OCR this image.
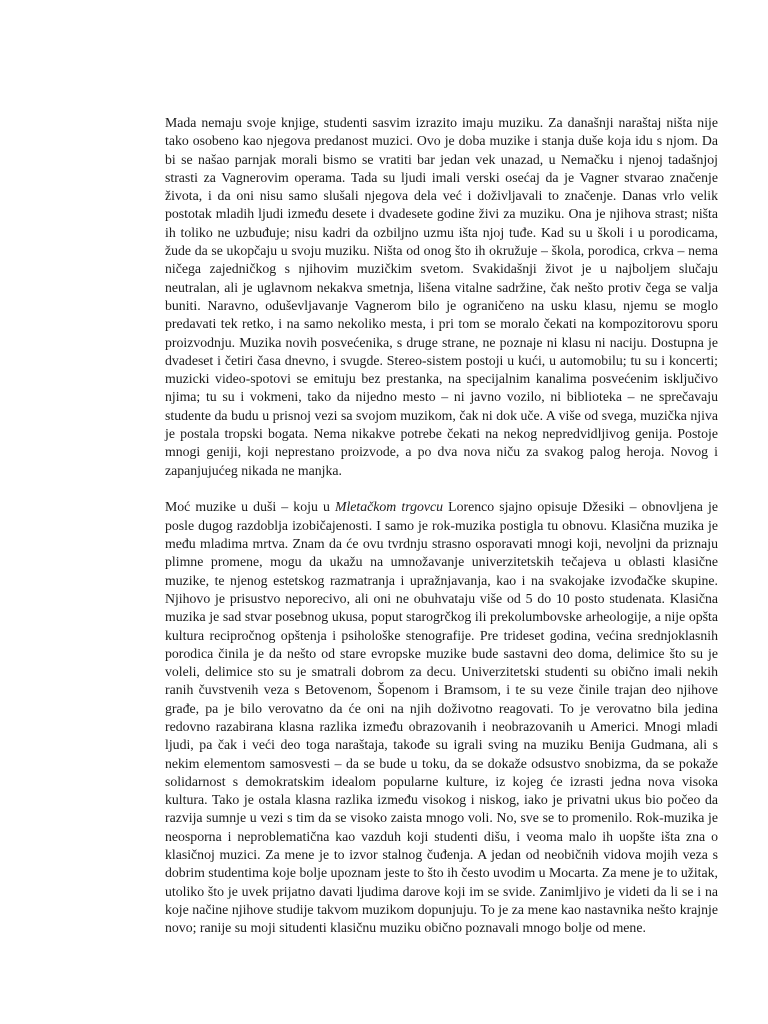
Mada nemaju svoje knjige, studenti sasvim izrazito imaju muziku. Za današnji naraštaj ništa nije tako osobeno kao njegova predanost muzici. Ovo je doba muzike i stanja duše koja idu s njom. Da bi se našao parnjak morali bismo se vratiti bar jedan vek unazad, u Nemačku i njenoj tadašnjoj strasti za Vagnerovim operama. Tada su ljudi imali verski osećaj da je Vagner stvarao značenje života, i da oni nisu samo slušali njegova dela već i doživljavali to značenje. Danas vrlo velik postotak mladih ljudi između desete i dvadesete godine živi za muziku. Ona je njihova strast; ništa ih toliko ne uzbuđuje; nisu kadri da ozbiljno uzmu išta njoj tuđe. Kad su u školi i u porodicama, žude da se ukopčaju u svoju muziku. Ništa od onog što ih okružuje – škola, porodica, crkva – nema ničega zajedničkog s njihovim muzičkim svetom. Svakidašnji život je u najboljem slučaju neutralan, ali je uglavnom nekakva smetnja, lišena vitalne sadržine, čak nešto protiv čega se valja buniti. Naravno, oduševljavanje Vagnerom bilo je ograničeno na usku klasu, njemu se moglo predavati tek retko, i na samo nekoliko mesta, i pri tom se moralo čekati na kompozitorovu sporu proizvodnju. Muzika novih posvećenika, s druge strane, ne poznaje ni klasu ni naciju. Dostupna je dvadeset i četiri časa dnevno, i svugde. Stereo-sistem postoji u kući, u automobilu; tu su i koncerti; muzicki video-spotovi se emituju bez prestanka, na specijalnim kanalima posvećenim isključivo njima; tu su i vokmeni, tako da nijedno mesto – ni javno vozilo, ni biblioteka – ne sprečavaju studente da budu u prisnoj vezi sa svojom muzikom, čak ni dok uče. A više od svega, muzička njiva je postala tropski bogata. Nema nikakve potrebe čekati na nekog nepredvidljivog genija. Postoje mnogi geniji, koji neprestano proizvode, a po dva nova niču za svakog palog heroja. Novog i zapanjujućeg nikada ne manjka.

Moć muzike u duši – koju u Mletačkom trgovcu Lorenco sjajno opisuje Džesiki – obnovljena je posle dugog razdoblja izobičajenosti. I samo je rok-muzika postigla tu obnovu. Klasična muzika je među mladima mrtva. Znam da će ovu tvrdnju strasno osporavati mnogi koji, nevoljni da priznaju plimne promene, mogu da ukažu na umnožavanje univerzitetskih tečajeva u oblasti klasične muzike, te njenog estetskog razmatranja i upražnjavanja, kao i na svakojake izvođačke skupine. Njihovo je prisustvo neporecivo, ali oni ne obuhvataju više od 5 do 10 posto studenata. Klasična muzika je sad stvar posebnog ukusa, poput starogrčkog ili prekolumbovske arheologije, a nije opšta kultura recipročnog opštenja i psihološke stenografije. Pre trideset godina, većina srednjoklasnih porodica činila je da nešto od stare evropske muzike bude sastavni deo doma, delimice što su je voleli, delimice sto su je smatrali dobrom za decu. Univerzitetski studenti su obično imali nekih ranih čuvstvenih veza s Betovenom, Šopenom i Bramsom, i te su veze činile trajan deo njihove građe, pa je bilo verovatno da će oni na njih doživotno reagovati. To je verovatno bila jedina redovno razabirana klasna razlika između obrazovanih i neobrazovanih u Americi. Mnogi mladi ljudi, pa čak i veći deo toga naraštaja, takođe su igrali sving na muziku Benija Gudmana, ali s nekim elementom samosvesti – da se bude u toku, da se dokaže odsustvo snobizma, da se pokaže solidarnost s demokratskim idealom popularne kulture, iz kojeg će izrasti jedna nova visoka kultura. Tako je ostala klasna razlika između visokog i niskog, iako je privatni ukus bio počeo da razvija sumnje u vezi s tim da se visoko zaista mnogo voli. No, sve se to promenilo. Rok-muzika je neosporna i neproblematična kao vazduh koji studenti dišu, i veoma malo ih uopšte išta zna o klasičnoj muzici. Za mene je to izvor stalnog čuđenja. A jedan od neobičnih vidova mojih veza s dobrim studentima koje bolje upoznam jeste to što ih često uvodim u Mocarta. Za mene je to užitak, utoliko što je uvek prijatno davati ljudima darove koji im se svide. Zanimljivo je videti da li se i na koje načine njihove studije takvom muzikom dopunjuju. To je za mene kao nastavnika nešto krajnje novo; ranije su moji situdenti klasičnu muziku obično poznavali mnogo bolje od mene.
